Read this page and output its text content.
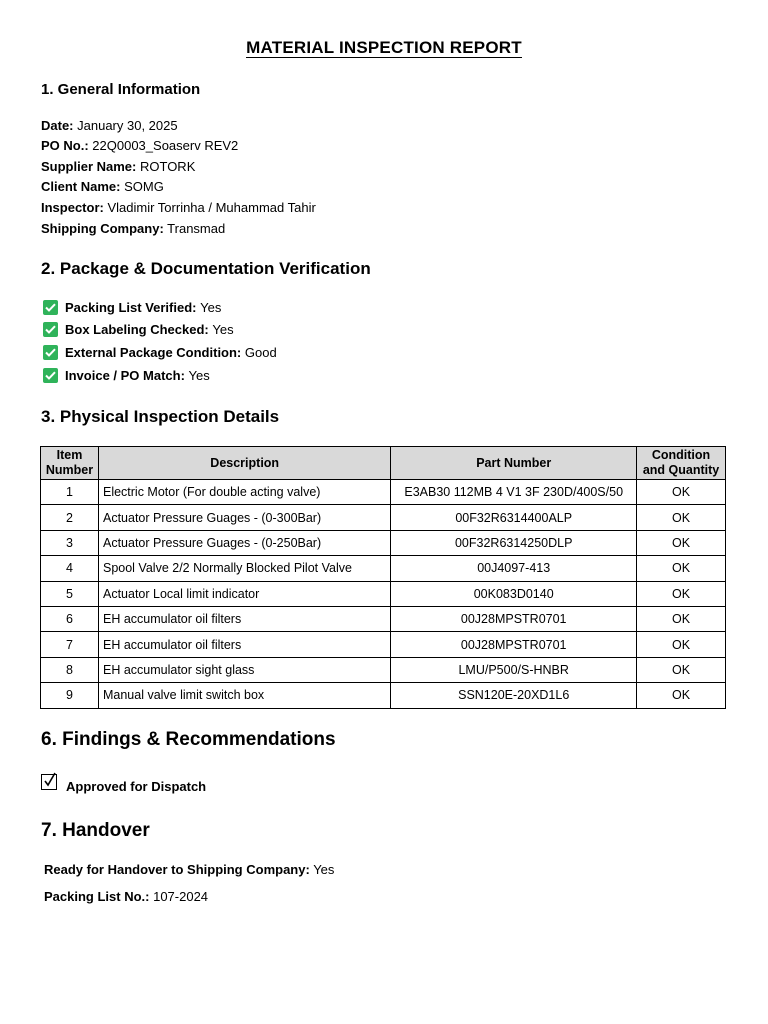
MATERIAL INSPECTION REPORT
1. General Information
Date: January 30, 2025
PO No.: 22Q0003_Soaserv REV2
Supplier Name: ROTORK
Client Name: SOMG
Inspector: Vladimir Torrinha / Muhammad Tahir
Shipping Company: Transmad
2. Package & Documentation Verification
Packing List Verified:
Yes
Box Labeling Checked:
Yes
External Package Condition:
Good
Invoice / PO Match:
Yes
3. Physical Inspection Details
Item Number	Description	Part Number	Condition and Quantity
1	Electric Motor (For double acting valve)	E3AB30 112MB 4 V1 3F 230D/400S/50	OK
2	Actuator Pressure Guages - (0-300Bar)	00F32R6314400ALP	OK
3	Actuator Pressure Guages - (0-250Bar)	00F32R6314250DLP	OK
4	Spool Valve 2/2 Normally Blocked Pilot Valve	00J4097-413	OK
5	Actuator Local limit indicator	00K083D0140	OK
6	EH accumulator oil filters	00J28MPSTR0701	OK
7	EH accumulator oil filters	00J28MPSTR0701	OK
8	EH accumulator sight glass	LMU/P500/S-HNBR	OK
9	Manual valve limit switch box	SSN120E-20XD1L6	OK
6. Findings & Recommendations
Approved for Dispatch
7. Handover
Ready for Handover to Shipping Company: Yes
Packing List No.: 107-2024
